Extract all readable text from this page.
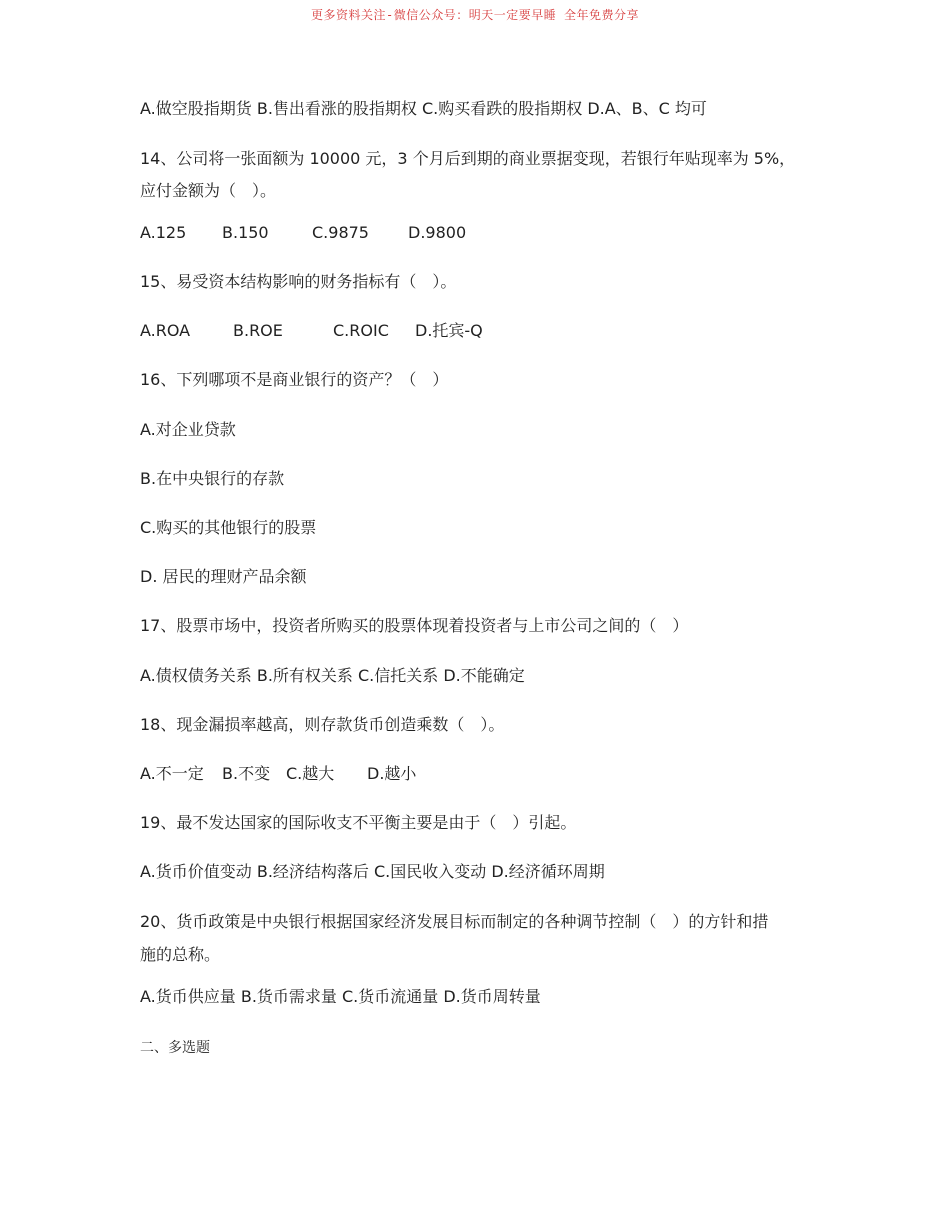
更多资料关注-微信公众号：明天一定要早睡 全年免费分享
A.做空股指期货 B.售出看涨的股指期权 C.购买看跌的股指期权 D.A、B、C 均可
14、公司将一张面额为 10000 元，3 个月后到期的商业票据变现，若银行年贴现率为 5%，
应付金额为（　）。
A.125 B.150	C.9875 D.9800
15、易受资本结构影响的财务指标有（　）。
A.ROA	B.ROE	C.ROIC D.托宾-Q
16、下列哪项不是商业银行的资产？（　）
A.对企业贷款
B.在中央银行的存款
C.购买的其他银行的股票
D. 居民的理财产品余额
17、股票市场中，投资者所购买的股票体现着投资者与上市公司之间的（　）
A.债权债务关系 B.所有权关系 C.信托关系 D.不能确定
18、现金漏损率越高，则存款货币创造乘数（　）。
A.不一定 B.不变 C.越大 D.越小
19、最不发达国家的国际收支不平衡主要是由于（　）引起。
A.货币价值变动 B.经济结构落后 C.国民收入变动 D.经济循环周期
20、货币政策是中央银行根据国家经济发展目标而制定的各种调节控制（　）的方针和措
施的总称。
A.货币供应量 B.货币需求量 C.货币流通量 D.货币周转量
二、多选题
